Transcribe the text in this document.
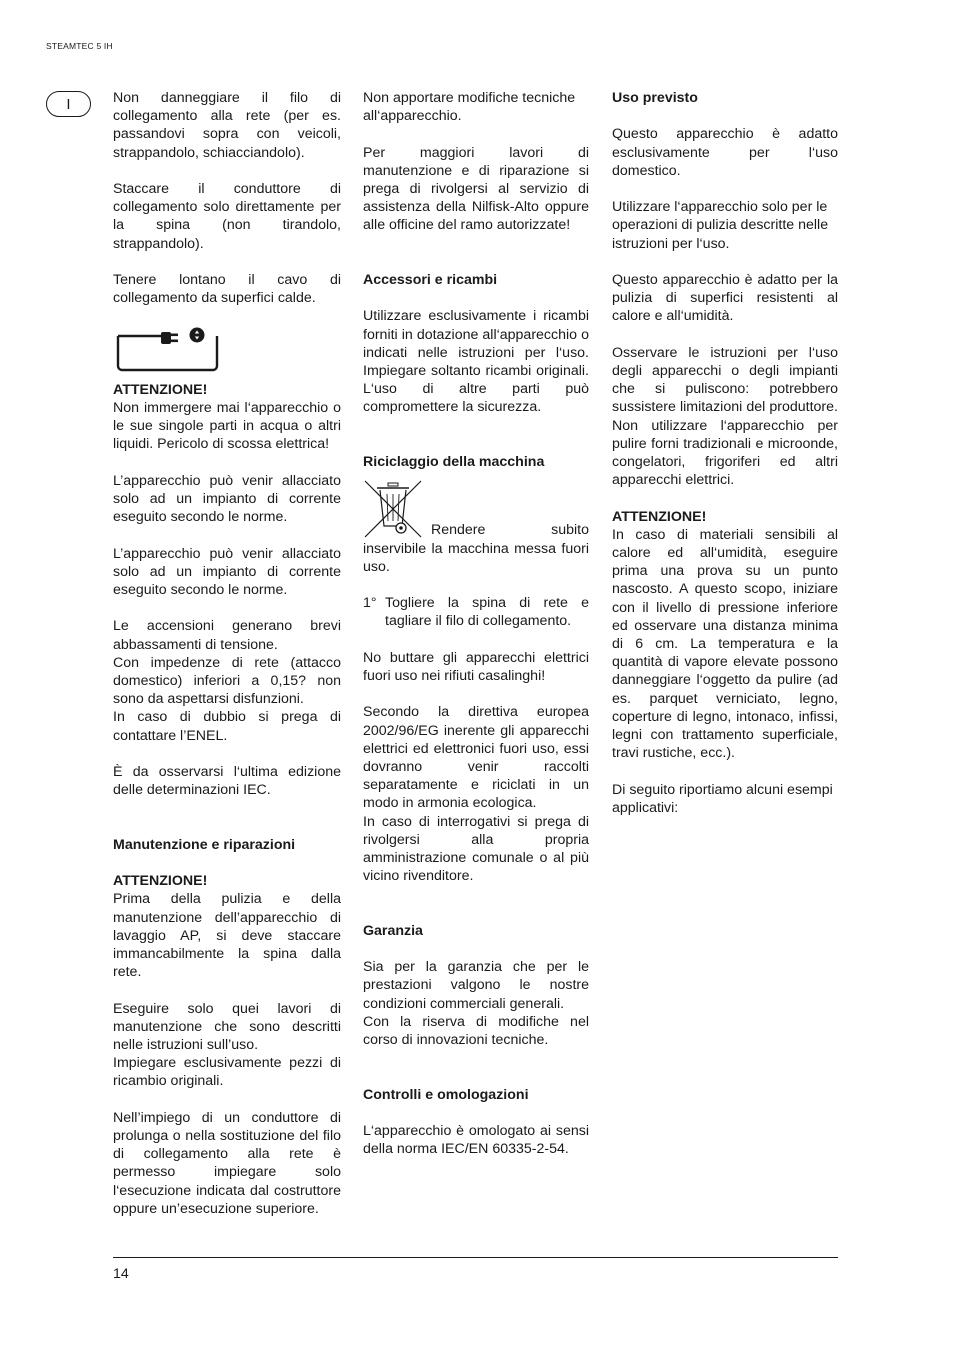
STEAMTEC 5 IH
I	Non danneggiare il filo di collegamento alla rete (per es. passandovi sopra con veicoli, strappandolo, schiacciandolo).

Staccare il conduttore di collegamento solo direttamente per la spina (non tirandolo, strappandolo).

Tenere lontano il cavo di collegamento da superfici calde.

ATTENZIONE!
Non immergere mai l‘apparecchio o le sue singole parti in acqua o altri liquidi. Pericolo di scossa elettrica!

L’apparecchio può venir allacciato solo ad un impianto di corrente eseguito secondo le norme.

L’apparecchio può venir allacciato solo ad un impianto di corrente eseguito secondo le norme.

Le accensioni generano brevi abbassamenti di tensione.
Con impedenze di rete (attacco domestico) inferiori a 0,15? non sono da aspettarsi disfunzioni.
In caso di dubbio si prega di contattare l’ENEL.

È da osservarsi l‘ultima edizione delle determinazioni IEC.

Manutenzione e riparazioni

ATTENZIONE!
Prima della pulizia e della manutenzione dell’apparecchio di lavaggio AP, si deve staccare immancabilmente la spina dalla rete.

Eseguire solo quei lavori di manutenzione che sono descritti nelle istruzioni sull’uso.
Impiegare esclusivamente pezzi di ricambio originali.

Nell’impiego di un conduttore di prolunga o nella sostituzione del filo di collegamento alla rete è permesso impiegare solo l‘esecuzione indicata dal costruttore oppure un’esecuzione superiore.

Non apportare modifiche tecniche all‘apparecchio.

Per maggiori lavori di manutenzione e di riparazione si prega di rivolgersi al servizio di assistenza della Nilfisk-Alto oppure alle officine del ramo autorizzate!

Accessori e ricambi

Utilizzare esclusivamente i ricambi forniti in dotazione all‘apparecchio o indicati nelle istruzioni per l‘uso. Impiegare soltanto ricambi originali. L‘uso di altre parti può compromettere la sicurezza.

Riciclaggio della macchina

Rendere subito inservibile la macchina messa fuori uso.

1° Togliere la spina di rete e tagliare il filo di collegamento.

No buttare gli apparecchi elettrici fuori uso nei rifiuti casalinghi!

Secondo la direttiva europea 2002/96/EG inerente gli apparecchi elettrici ed elettronici fuori uso, essi dovranno venir raccolti separatamente e riciclati in un modo in armonia ecologica.
In caso di interrogativi si prega di rivolgersi alla propria amministrazione comunale o al più vicino rivenditore.

Garanzia

Sia per la garanzia che per le prestazioni valgono le nostre condizioni commerciali generali.
Con la riserva di modifiche nel corso di innovazioni tecniche.

Controlli e omologazioni

L‘apparecchio è omologato ai sensi della norma IEC/EN 60335-2-54.

Uso previsto

Questo apparecchio è adatto esclusivamente per l‘uso domestico.

Utilizzare l‘apparecchio solo per le operazioni di pulizia descritte nelle istruzioni per l‘uso.

Questo apparecchio è adatto per la pulizia di superfici resistenti al calore e all‘umidità.

Osservare le istruzioni per l‘uso degli apparecchi o degli impianti che si puliscono: potrebbero sussistere limitazioni del produttore. Non utilizzare l‘apparecchio per pulire forni tradizionali e microonde, congelatori, frigoriferi ed altri apparecchi elettrici.

ATTENZIONE!
In caso di materiali sensibili al calore ed all‘umidità, eseguire prima una prova su un punto nascosto. A questo scopo, iniziare con il livello di pressione inferiore ed osservare una distanza minima di 6 cm. La temperatura e la quantità di vapore elevate possono danneggiare l‘oggetto da pulire (ad es. parquet verniciato, legno, coperture di legno, intonaco, infissi, legni con trattamento superficiale, travi rustiche, ecc.).

Di seguito riportiamo alcuni esempi applicativi:

14
